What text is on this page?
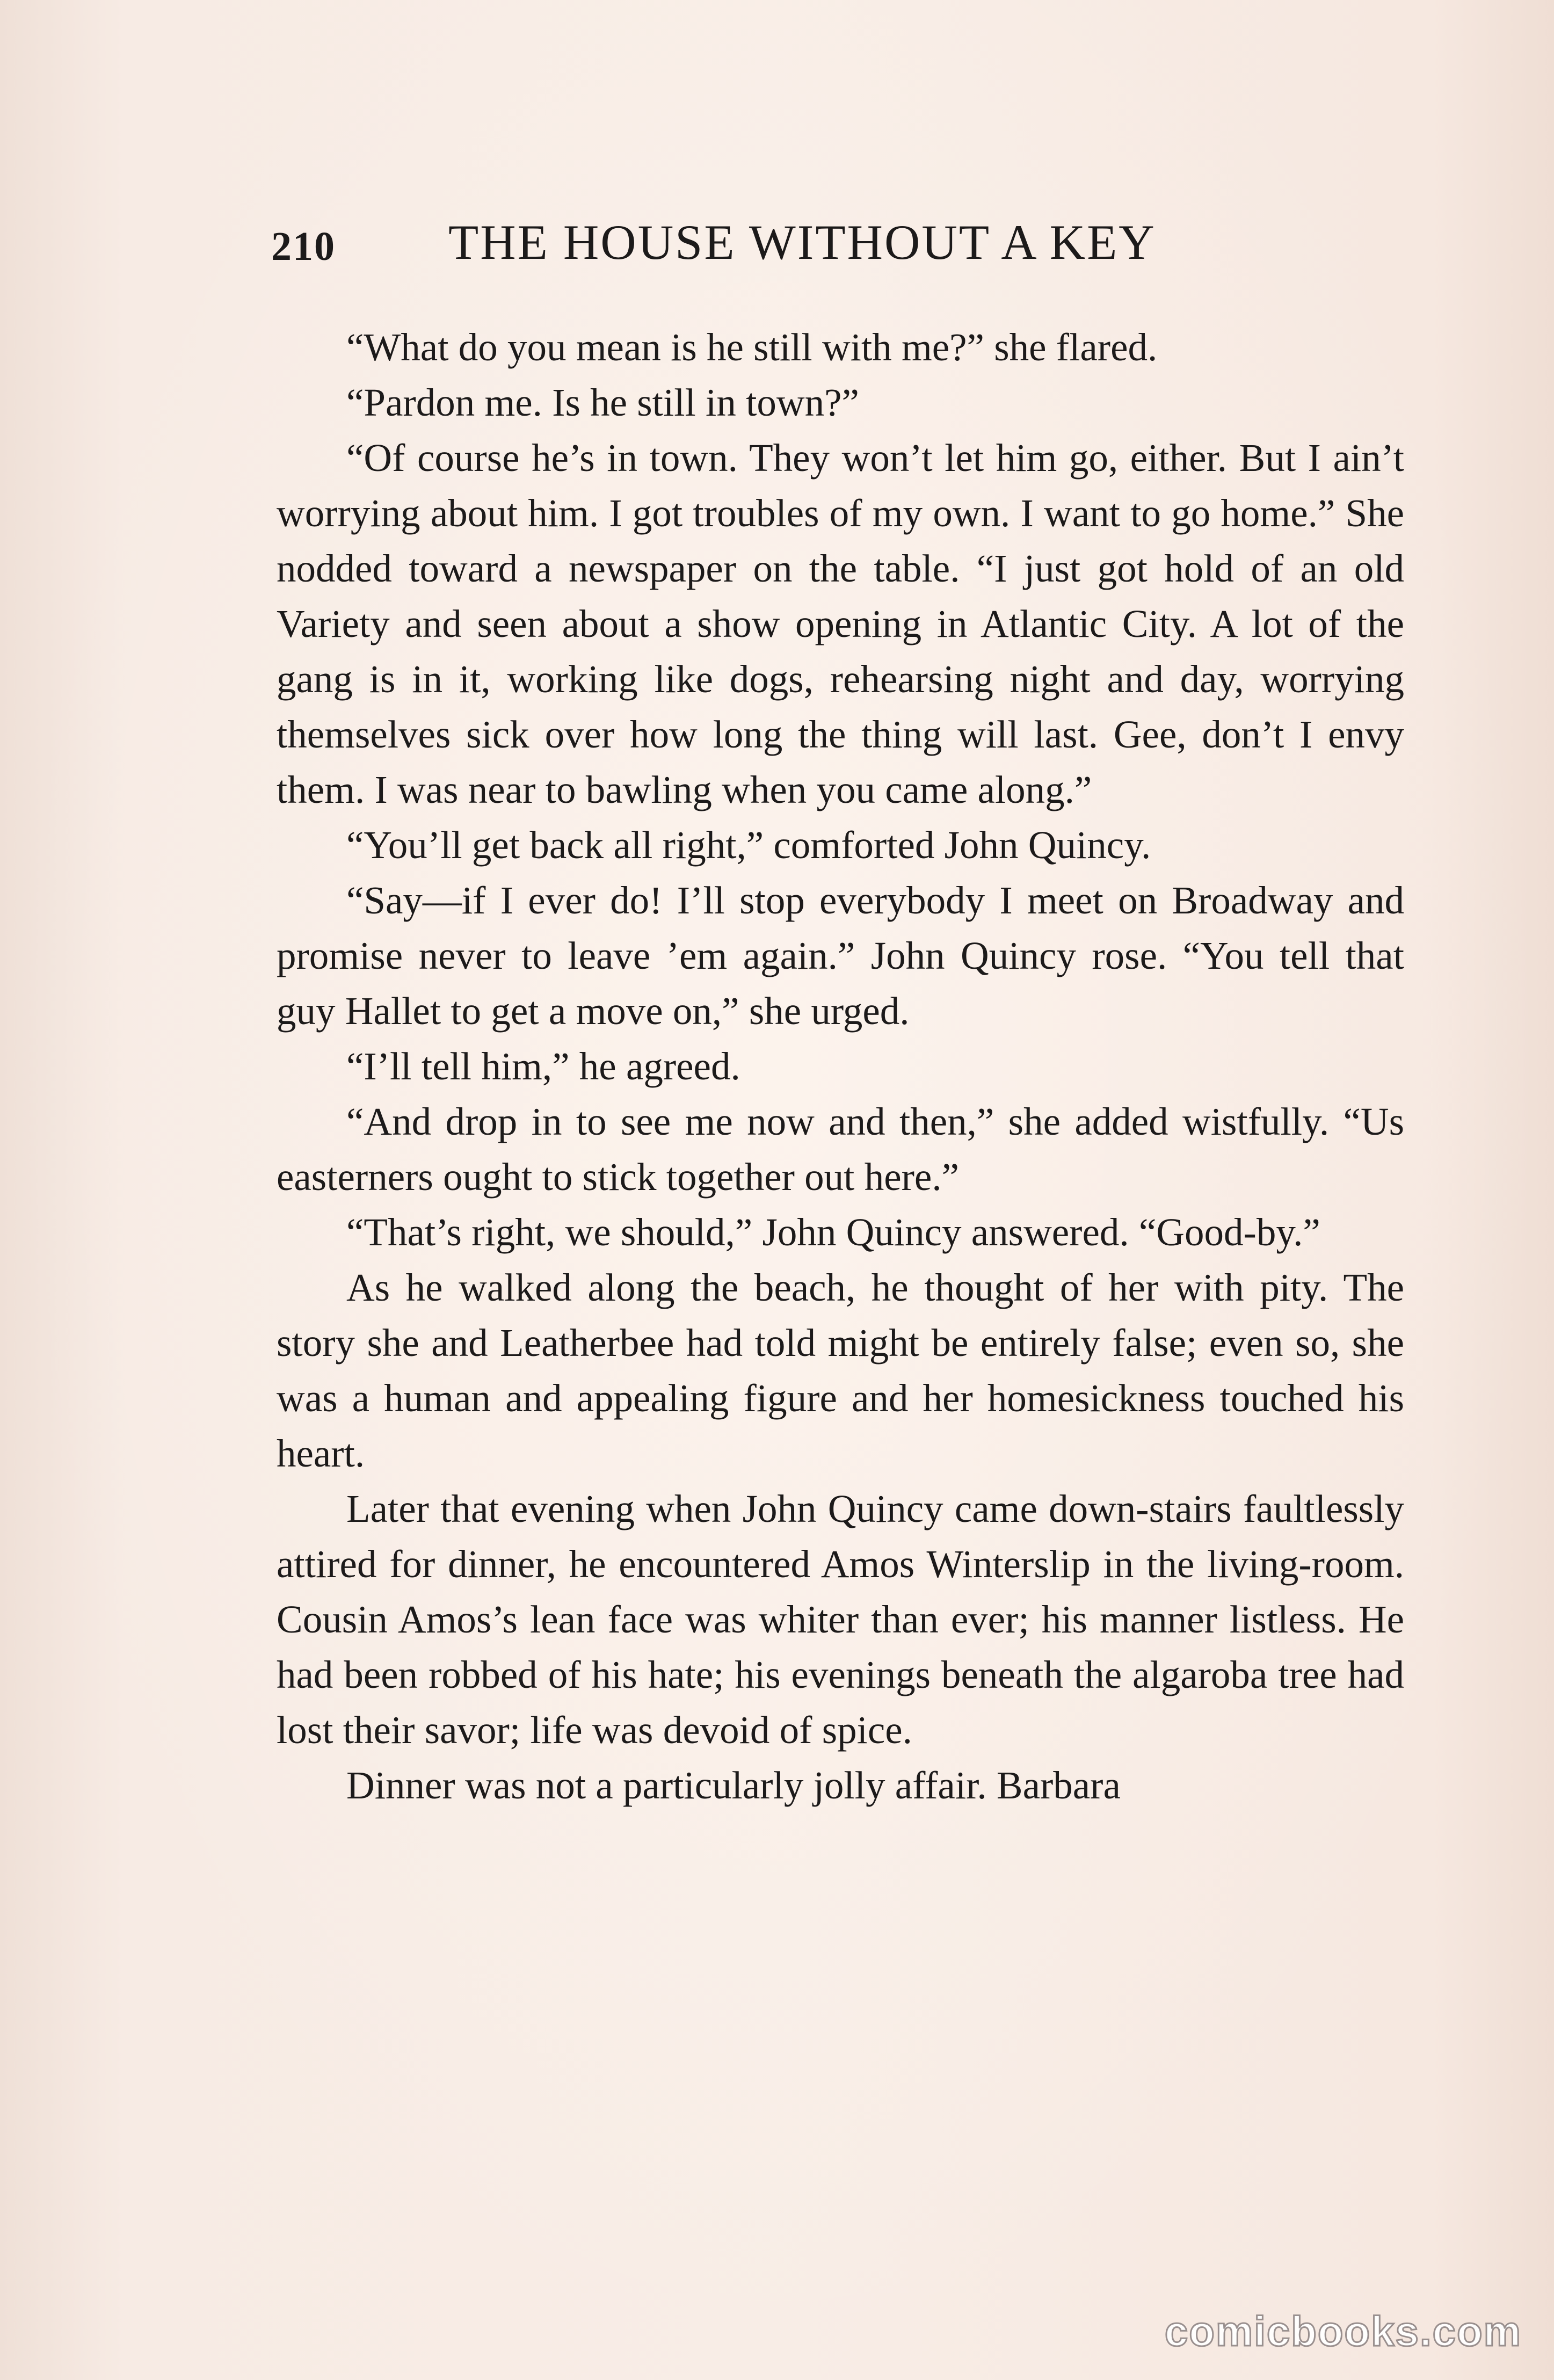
210 THE HOUSE WITHOUT A KEY

“What do you mean is he still with me?” she flared.

“Pardon me. Is he still in town?”

“Of course he’s in town. They won’t let him go, either. But I ain’t worrying about him. I got troubles of my own. I want to go home.” She nodded toward a newspaper on the table. “I just got hold of an old Variety and seen about a show opening in Atlantic City. A lot of the gang is in it, working like dogs, rehearsing night and day, worrying themselves sick over how long the thing will last. Gee, don’t I envy them. I was near to bawling when you came along.”

“You’ll get back all right,” comforted John Quincy.

“Say—if I ever do! I’ll stop everybody I meet on Broadway and promise never to leave ’em again.” John Quincy rose. “You tell that guy Hallet to get a move on,” she urged.

“I’ll tell him,” he agreed.

“And drop in to see me now and then,” she added wistfully. “Us easterners ought to stick together out here.”

“That’s right, we should,” John Quincy answered. “Good-by.”

As he walked along the beach, he thought of her with pity. The story she and Leatherbee had told might be entirely false; even so, she was a human and appealing figure and her homesickness touched his heart.

Later that evening when John Quincy came down-stairs faultlessly attired for dinner, he encountered Amos Winterslip in the living-room. Cousin Amos’s lean face was whiter than ever; his manner listless. He had been robbed of his hate; his evenings beneath the algaroba tree had lost their savor; life was devoid of spice.

Dinner was not a particularly jolly affair. Barbara

comicbooks.com
